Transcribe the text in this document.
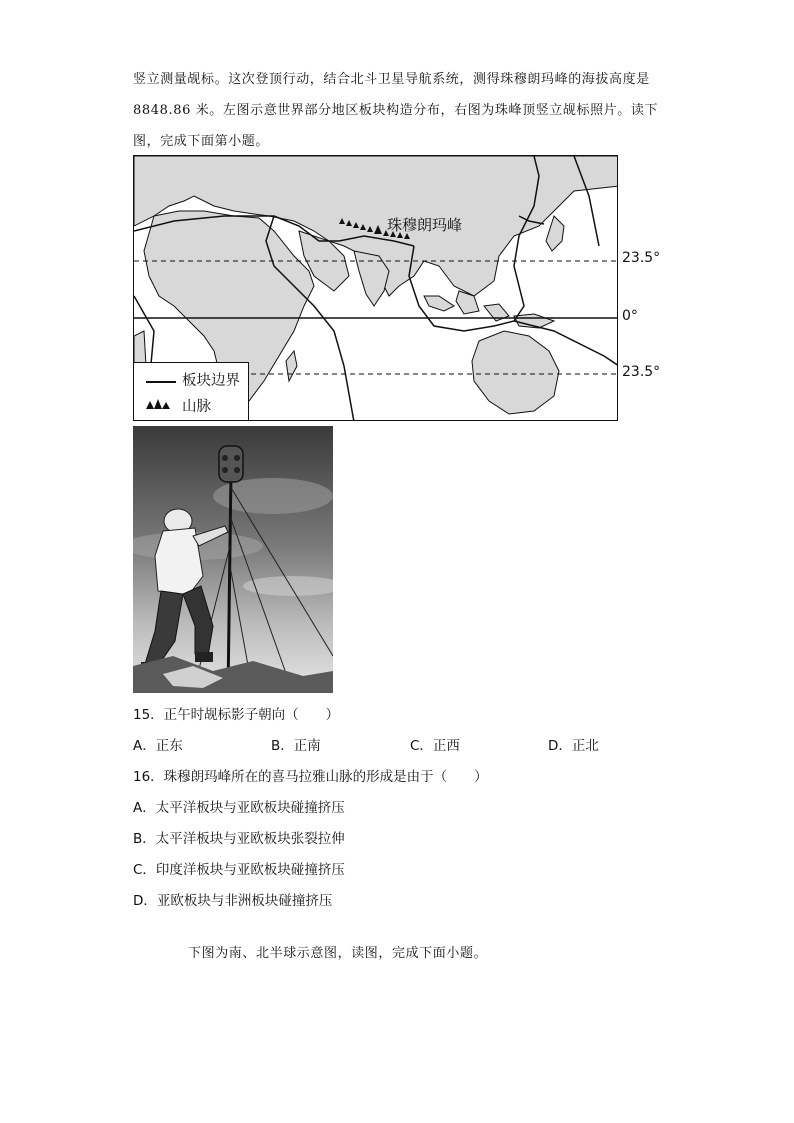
竖立测量觇标。这次登顶行动，结合北斗卫星导航系统，测得珠穆朗玛峰的海拔高度是
8848.86 米。左图示意世界部分地区板块构造分布，右图为珠峰顶竖立觇标照片。读下
图，完成下面第小题。
珠穆朗玛峰
板块边界
山脉
23.5°
0°
23.5°
15．正午时觇标影子朝向（　　）
A．正东	B．正南	C．正西	D．正北
16．珠穆朗玛峰所在的喜马拉雅山脉的形成是由于（　　）
A．太平洋板块与亚欧板块碰撞挤压
B．太平洋板块与亚欧板块张裂拉伸
C．印度洋板块与亚欧板块碰撞挤压
D．亚欧板块与非洲板块碰撞挤压
下图为南、北半球示意图，读图，完成下面小题。
